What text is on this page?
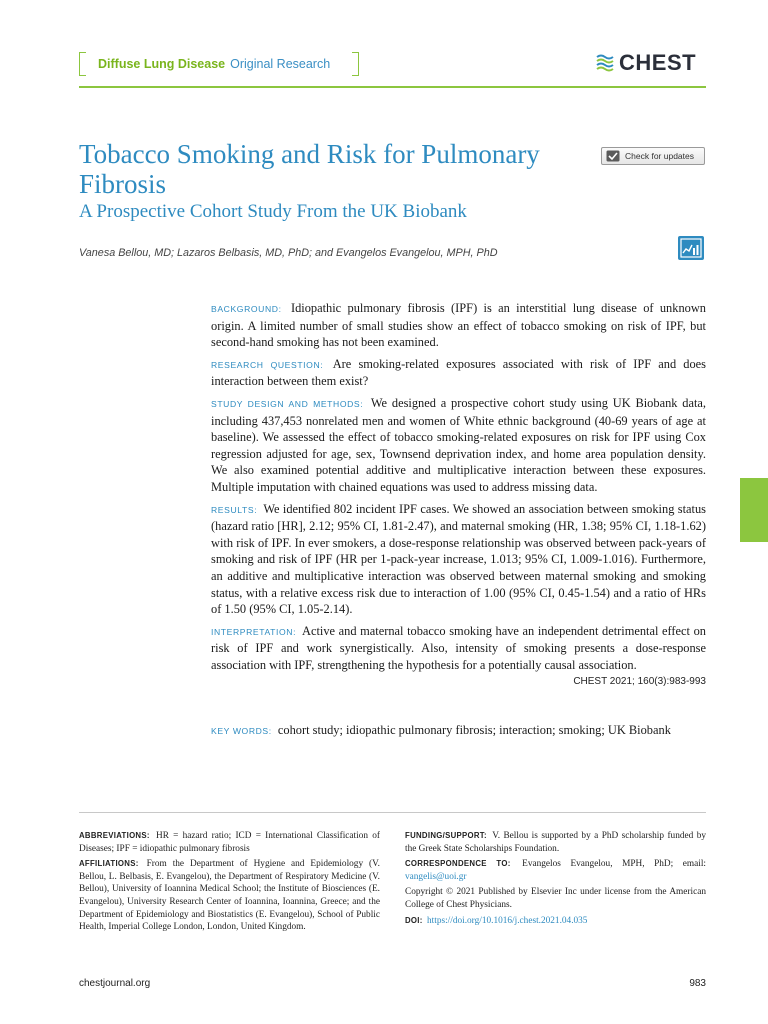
Diffuse Lung Disease Original Research	CHEST
Tobacco Smoking and Risk for Pulmonary Fibrosis
A Prospective Cohort Study From the UK Biobank
Check for updates
Vanesa Bellou, MD; Lazaros Belbasis, MD, PhD; and Evangelos Evangelou, MPH, PhD

BACKGROUND: Idiopathic pulmonary fibrosis (IPF) is an interstitial lung disease of unknown origin. A limited number of small studies show an effect of tobacco smoking on risk of IPF, but second-hand smoking has not been examined.

RESEARCH QUESTION: Are smoking-related exposures associated with risk of IPF and does interaction between them exist?

STUDY DESIGN AND METHODS: We designed a prospective cohort study using UK Biobank data, including 437,453 nonrelated men and women of White ethnic background (40-69 years of age at baseline). We assessed the effect of tobacco smoking-related exposures on risk for IPF using Cox regression adjusted for age, sex, Townsend deprivation index, and home area population density. We also examined potential additive and multiplicative interaction between these exposures. Multiple imputation with chained equations was used to address missing data.

RESULTS: We identified 802 incident IPF cases. We showed an association between smoking status (hazard ratio [HR], 2.12; 95% CI, 1.81-2.47), and maternal smoking (HR, 1.38; 95% CI, 1.18-1.62) with risk of IPF. In ever smokers, a dose-response relationship was observed between pack-years of smoking and risk of IPF (HR per 1-pack-year increase, 1.013; 95% CI, 1.009-1.016). Furthermore, an additive and multiplicative interaction was observed between maternal smoking and smoking status, with a relative excess risk due to interaction of 1.00 (95% CI, 0.45-1.54) and a ratio of HRs of 1.50 (95% CI, 1.05-2.14).

INTERPRETATION: Active and maternal tobacco smoking have an independent detrimental effect on risk of IPF and work synergistically. Also, intensity of smoking presents a dose-response association with IPF, strengthening the hypothesis for a potentially causal association.
CHEST 2021; 160(3):983-993

KEY WORDS: cohort study; idiopathic pulmonary fibrosis; interaction; smoking; UK Biobank

ABBREVIATIONS: HR = hazard ratio; ICD = International Classification of Diseases; IPF = idiopathic pulmonary fibrosis

AFFILIATIONS: From the Department of Hygiene and Epidemiology (V. Bellou, L. Belbasis, E. Evangelou), the Department of Respiratory Medicine (V. Bellou), University of Ioannina Medical School; the Institute of Biosciences (E. Evangelou), University Research Center of Ioannina, Ioannina, Greece; and the Department of Epidemiology and Biostatistics (E. Evangelou), School of Public Health, Imperial College London, London, United Kingdom.

FUNDING/SUPPORT: V. Bellou is supported by a PhD scholarship funded by the Greek State Scholarships Foundation.

CORRESPONDENCE TO: Evangelos Evangelou, MPH, PhD; email: vangelis@uoi.gr

Copyright © 2021 Published by Elsevier Inc under license from the American College of Chest Physicians.

DOI: https://doi.org/10.1016/j.chest.2021.04.035

chestjournal.org	983
